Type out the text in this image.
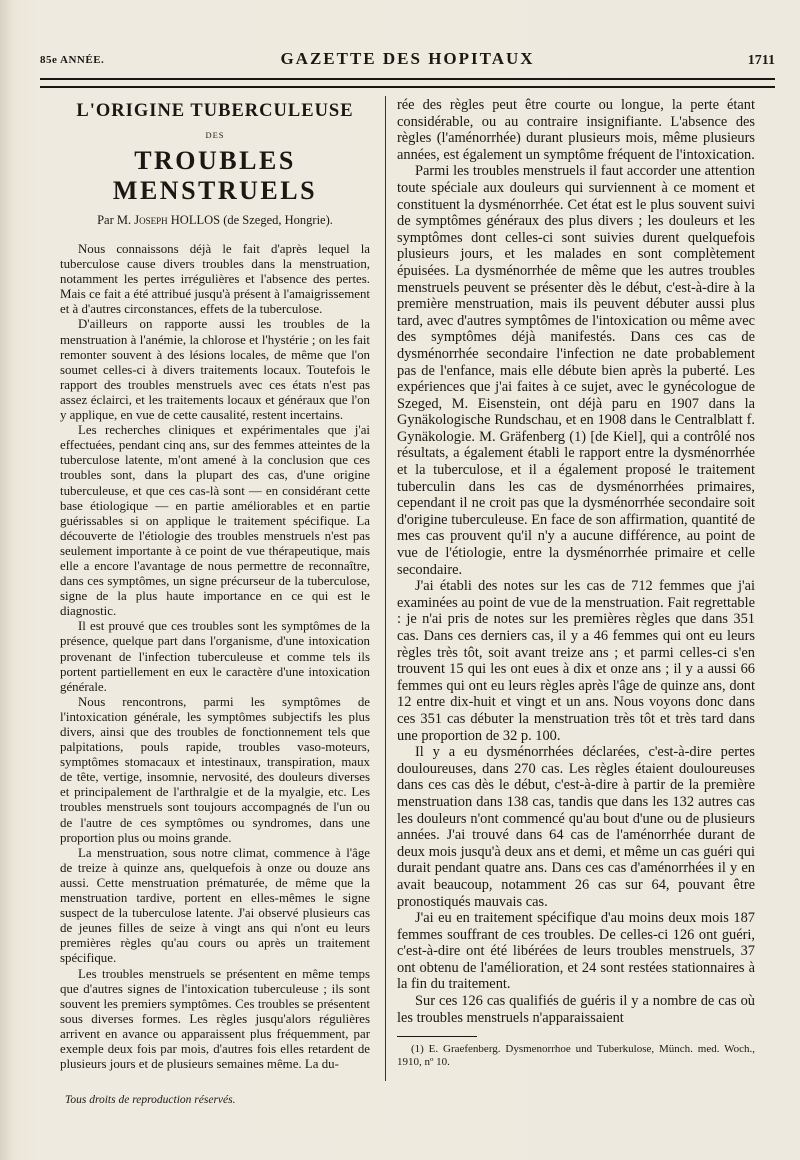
85e ANNÉE.	GAZETTE DES HOPITAUX	1711
L'ORIGINE TUBERCULEUSE
DES
TROUBLES MENSTRUELS
Par M. Joseph HOLLOS (de Szeged, Hongrie).

Nous connaissons déjà le fait d'après lequel la tuberculose cause divers troubles dans la menstruation, notamment les pertes irrégulières et l'absence des pertes. Mais ce fait a été attribué jusqu'à présent à l'amaigrissement et à d'autres circonstances, effets de la tuberculose.

D'ailleurs on rapporte aussi les troubles de la menstruation à l'anémie, la chlorose et l'hystérie ; on les fait remonter souvent à des lésions locales, de même que l'on soumet celles-ci à divers traitements locaux. Toutefois le rapport des troubles menstruels avec ces états n'est pas assez éclairci, et les traitements locaux et généraux que l'on y applique, en vue de cette causalité, restent incertains.

Les recherches cliniques et expérimentales que j'ai effectuées, pendant cinq ans, sur des femmes atteintes de la tuberculose latente, m'ont amené à la conclusion que ces troubles sont, dans la plupart des cas, d'une origine tuberculeuse, et que ces cas-là sont — en considérant cette base étiologique — en partie améliorables et en partie guérissables si on applique le traitement spécifique. La découverte de l'étiologie des troubles menstruels n'est pas seulement importante à ce point de vue thérapeutique, mais elle a encore l'avantage de nous permettre de reconnaître, dans ces symptômes, un signe précurseur de la tuberculose, signe de la plus haute importance en ce qui est le diagnostic.

Il est prouvé que ces troubles sont les symptômes de la présence, quelque part dans l'organisme, d'une intoxication provenant de l'infection tuberculeuse et comme tels ils portent partiellement en eux le caractère d'une intoxication générale.

Nous rencontrons, parmi les symptômes de l'intoxication générale, les symptômes subjectifs les plus divers, ainsi que des troubles de fonctionnement tels que palpitations, pouls rapide, troubles vaso-moteurs, symptômes stomacaux et intestinaux, transpiration, maux de tête, vertige, insomnie, nervosité, des douleurs diverses et principalement de l'arthralgie et de la myalgie, etc. Les troubles menstruels sont toujours accompagnés de l'un ou de l'autre de ces symptômes ou syndromes, dans une proportion plus ou moins grande.

La menstruation, sous notre climat, commence à l'âge de treize à quinze ans, quelquefois à onze ou douze ans aussi. Cette menstruation prématurée, de même que la menstruation tardive, portent en elles-mêmes le signe suspect de la tuberculose latente. J'ai observé plusieurs cas de jeunes filles de seize à vingt ans qui n'ont eu leurs premières règles qu'au cours ou après un traitement spécifique.

Les troubles menstruels se présentent en même temps que d'autres signes de l'intoxication tuberculeuse ; ils sont souvent les premiers symptômes. Ces troubles se présentent sous diverses formes. Les règles jusqu'alors régulières arrivent en avance ou apparaissent plus fréquemment, par exemple deux fois par mois, d'autres fois elles retardent de plusieurs jours et de plusieurs semaines même. La du-

rée des règles peut être courte ou longue, la perte étant considérable, ou au contraire insignifiante. L'absence des règles (l'aménorrhée) durant plusieurs mois, même plusieurs années, est également un symptôme fréquent de l'intoxication.

Parmi les troubles menstruels il faut accorder une attention toute spéciale aux douleurs qui surviennent à ce moment et constituent la dysménorrhée. Cet état est le plus souvent suivi de symptômes généraux des plus divers ; les douleurs et les symptômes dont celles-ci sont suivies durent quelquefois plusieurs jours, et les malades en sont complètement épuisées. La dysménorrhée de même que les autres troubles menstruels peuvent se présenter dès le début, c'est-à-dire à la première menstruation, mais ils peuvent débuter aussi plus tard, avec d'autres symptômes de l'intoxication ou même avec des symptômes déjà manifestés. Dans ces cas de dysménorrhée secondaire l'infection ne date probablement pas de l'enfance, mais elle débute bien après la puberté. Les expériences que j'ai faites à ce sujet, avec le gynécologue de Szeged, M. Eisenstein, ont déjà paru en 1907 dans la Gynäkologische Rundschau, et en 1908 dans le Centralblatt f. Gynäkologie. M. Gräfenberg (1) [de Kiel], qui a contrôlé nos résultats, a également établi le rapport entre la dysménorrhée et la tuberculose, et il a également proposé le traitement tuberculin dans les cas de dysménorrhées primaires, cependant il ne croit pas que la dysménorrhée secondaire soit d'origine tuberculeuse. En face de son affirmation, quantité de mes cas prouvent qu'il n'y a aucune différence, au point de vue de l'étiologie, entre la dysménorrhée primaire et celle secondaire.

J'ai établi des notes sur les cas de 712 femmes que j'ai examinées au point de vue de la menstruation. Fait regrettable : je n'ai pris de notes sur les premières règles que dans 351 cas. Dans ces derniers cas, il y a 46 femmes qui ont eu leurs règles très tôt, soit avant treize ans ; et parmi celles-ci s'en trouvent 15 qui les ont eues à dix et onze ans ; il y a aussi 66 femmes qui ont eu leurs règles après l'âge de quinze ans, dont 12 entre dix-huit et vingt et un ans. Nous voyons donc dans ces 351 cas débuter la menstruation très tôt et très tard dans une proportion de 32 p. 100.

Il y a eu dysménorrhées déclarées, c'est-à-dire pertes douloureuses, dans 270 cas. Les règles étaient douloureuses dans ces cas dès le début, c'est-à-dire à partir de la première menstruation dans 138 cas, tandis que dans les 132 autres cas les douleurs n'ont commencé qu'au bout d'une ou de plusieurs années. J'ai trouvé dans 64 cas de l'aménorrhée durant de deux mois jusqu'à deux ans et demi, et même un cas guéri qui durait pendant quatre ans. Dans ces cas d'aménorrhées il y en avait beaucoup, notamment 26 cas sur 64, pouvant être pronostiqués mauvais cas.

J'ai eu en traitement spécifique d'au moins deux mois 187 femmes souffrant de ces troubles. De celles-ci 126 ont guéri, c'est-à-dire ont été libérées de leurs troubles menstruels, 37 ont obtenu de l'amélioration, et 24 sont restées stationnaires à la fin du traitement.

Sur ces 126 cas qualifiés de guéris il y a nombre de cas où les troubles menstruels n'apparaissaient

(1) E. Graefenberg. Dysmenorrhoe und Tuberkulose, Münch. med. Woch., 1910, nº 10.

Tous droits de reproduction réservés.
